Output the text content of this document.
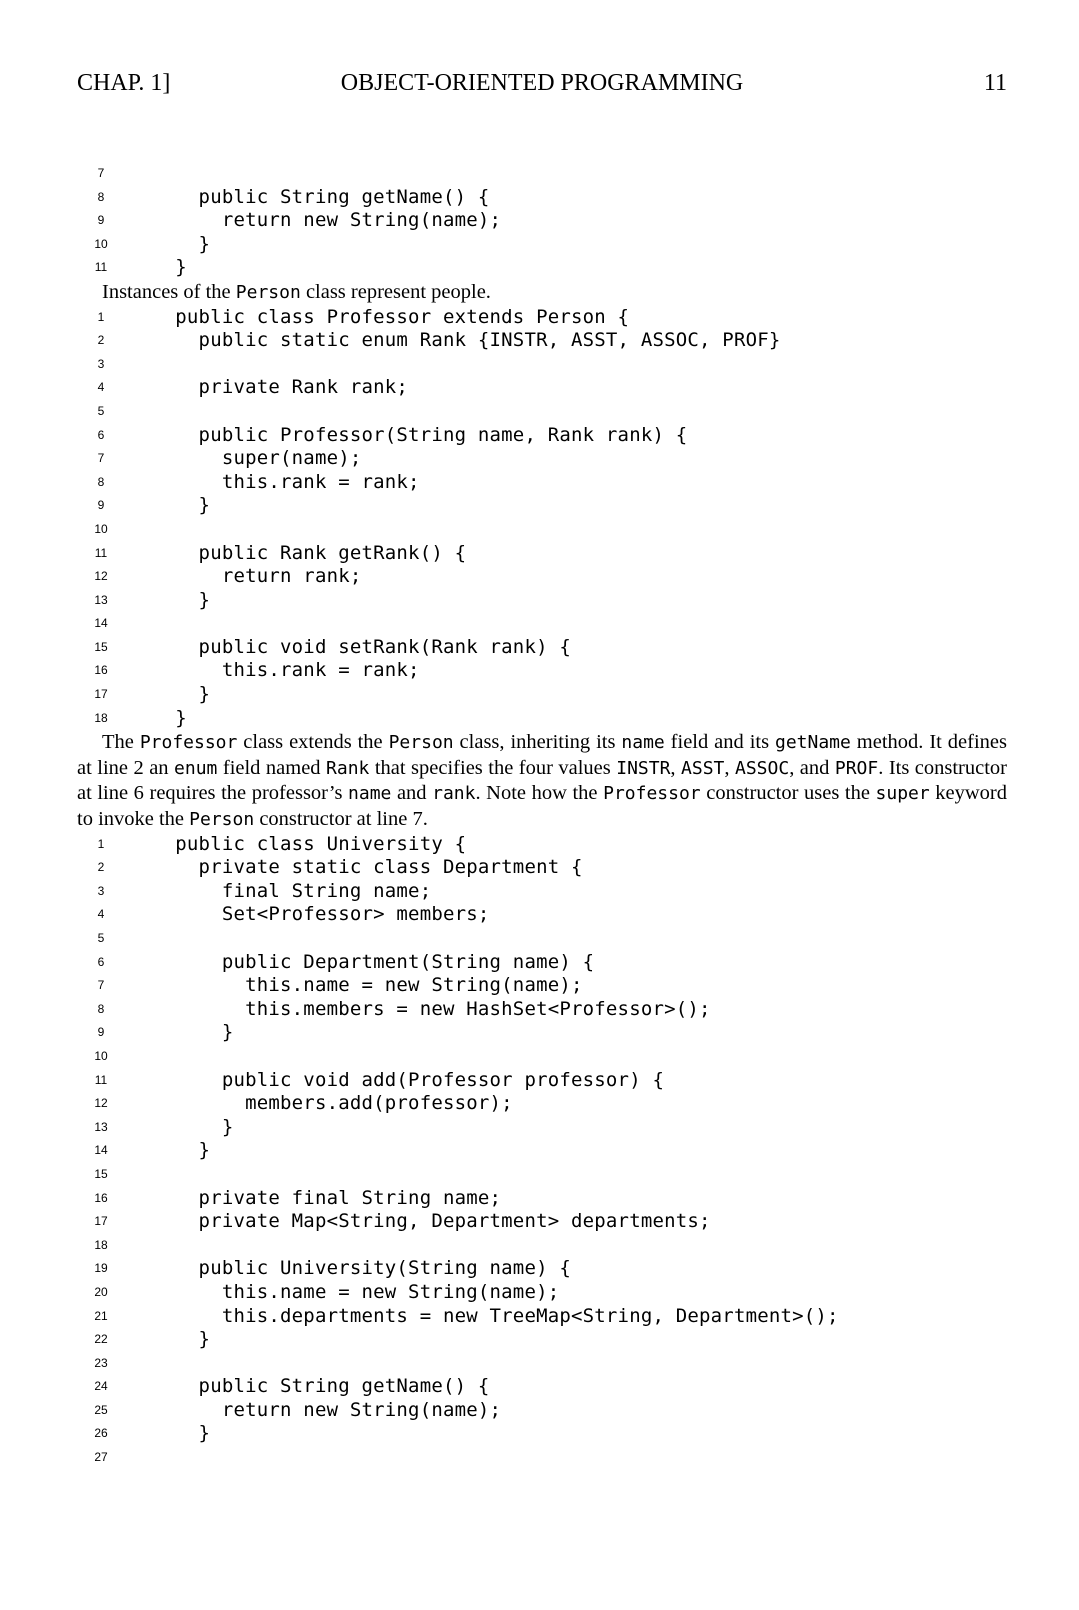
CHAP. 1]	OBJECT-ORIENTED PROGRAMMING	11
7
8	public String getName() {
9	return new String(name);
10	}
11	}

Instances of the Person class represent people.

1	public class Professor extends Person {
2	public static enum Rank {INSTR, ASST, ASSOC, PROF}
3
4	private Rank rank;
5
6	public Professor(String name, Rank rank) {
7	super(name);
8	this.rank = rank;
9	}
10
11	public Rank getRank() {
12	return rank;
13	}
14
15	public void setRank(Rank rank) {
16	this.rank = rank;
17	}
18	}

The Professor class extends the Person class, inheriting its name field and its getName method. It defines at line 2 an enum field named Rank that specifies the four values INSTR, ASST, ASSOC, and PROF. Its constructor at line 6 requires the professor’s name and rank. Note how the Professor constructor uses the super keyword to invoke the Person constructor at line 7.

1	public class University {
2	private static class Department {
3	final String name;
4	Set<Professor> members;
5
6	public Department(String name) {
7	this.name = new String(name);
8	this.members = new HashSet<Professor>();
9	}
10
11	public void add(Professor professor) {
12	members.add(professor);
13	}
14	}
15
16	private final String name;
17	private Map<String, Department> departments;
18
19	public University(String name) {
20	this.name = new String(name);
21	this.departments = new TreeMap<String, Department>();
22	}
23
24	public String getName() {
25	return new String(name);
26	}
27
